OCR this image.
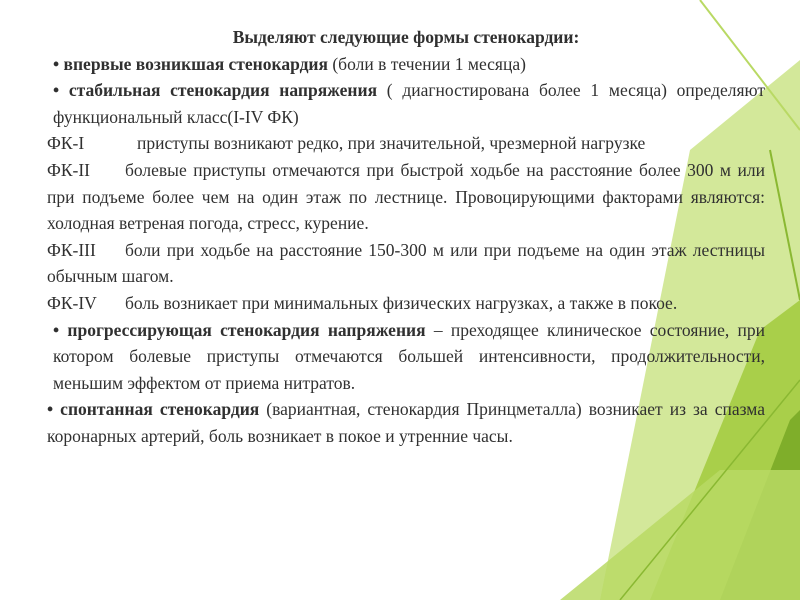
Выделяют следующие формы стенокардии:
• впервые возникшая стенокардия (боли в течении 1 месяца)
• стабильная стенокардия напряжения ( диагностирована более 1 месяца) определяют функциональный класс(I-IV ФК)
ФК-I	приступы возникают редко, при значительной, чрезмерной нагрузке
ФК-II болевые приступы отмечаются при быстрой ходьбе на расстояние более 300 м или при подъеме более чем на один этаж по лестнице. Провоцирующими факторами являются: холодная ветреная погода, стресс, курение.
ФК-III боли при ходьбе на расстояние 150-300 м или при подъеме на один этаж лестницы обычным шагом.
ФК-IV боль возникает при минимальных физических нагрузках, а также в покое.
• прогрессирующая стенокардия напряжения – преходящее клиническое состояние, при котором болевые приступы отмечаются большей интенсивности, продолжительности, меньшим эффектом от приема нитратов.
• спонтанная стенокардия (вариантная, стенокардия Принцметалла) возникает из за спазма коронарных артерий, боль возникает в покое и утренние часы.
